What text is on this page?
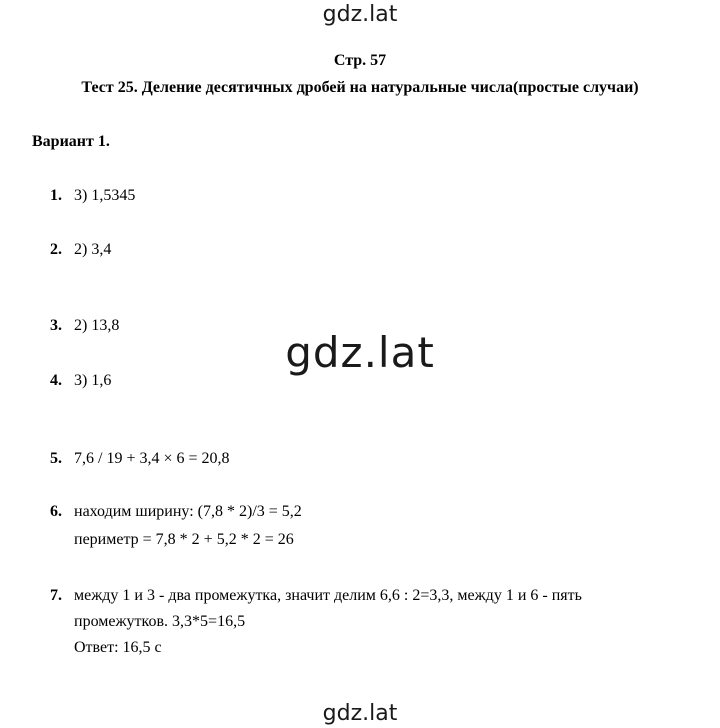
gdz.lat
Стр. 57
Тест 25. Деление десятичных дробей на натуральные числа(простые случаи)
Вариант 1.
1. 3) 1,5345
2. 2) 3,4
3. 2) 13,8
gdz.lat
4. 3) 1,6
5. 7,6 / 19 + 3,4 × 6 = 20,8
6. находим ширину: (7,8 * 2)/3 = 5,2
периметр = 7,8 * 2 + 5,2 * 2 = 26
7. между 1 и 3 - два промежутка, значит делим 6,6 : 2=3,3, между 1 и 6 - пять
промежутков. 3,3*5=16,5
Ответ: 16,5 с
gdz.lat
